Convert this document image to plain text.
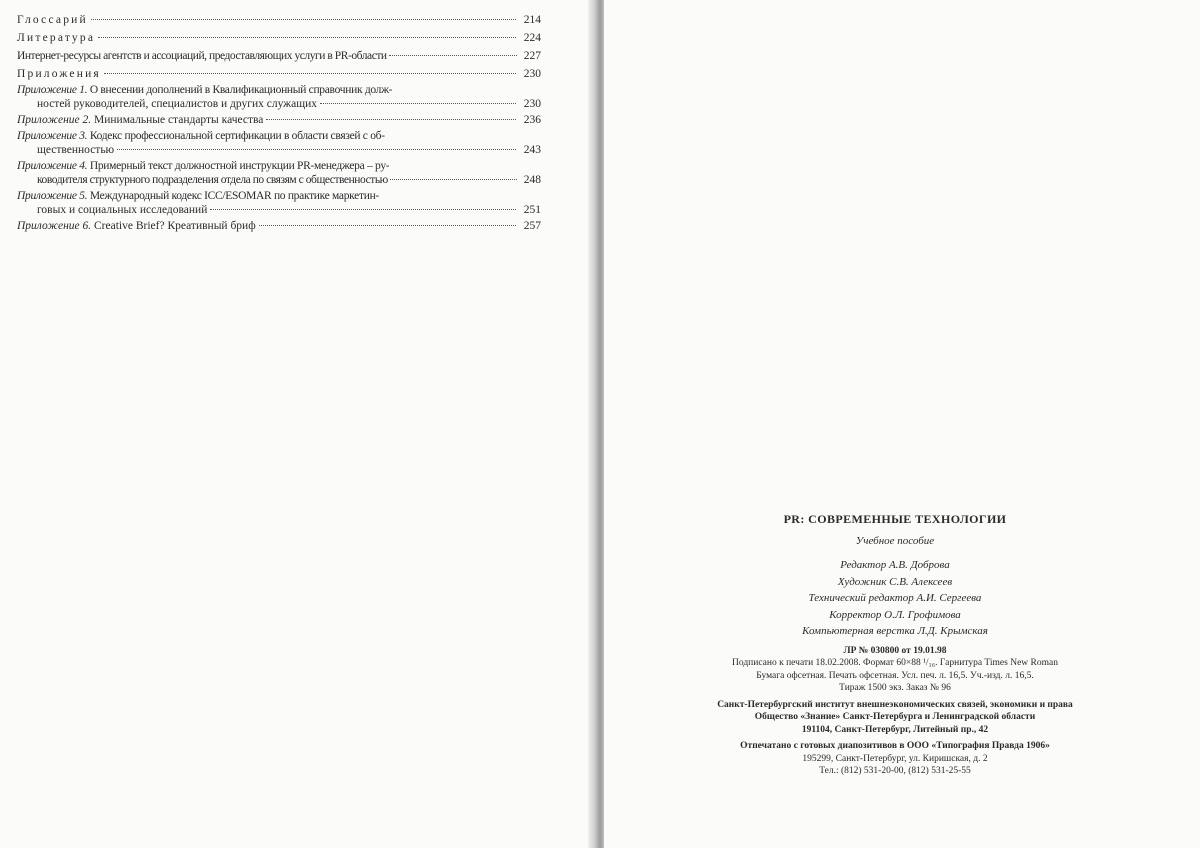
Глоссарий	214
Литература	224
Интернет-ресурсы агентств и ассоциаций, предоставляющих услуги в PR-области	227
Приложения	230
Приложение 1. О внесении дополнений в Квалификационный справочник долж-
ностей руководителей, специалистов и других служащих	230
Приложение 2. Минимальные стандарты качества	236
Приложение 3. Кодекс профессиональной сертификации в области связей с об-
щественностью	243
Приложение 4. Примерный текст должностной инструкции PR-менеджера – ру-
ководителя структурного подразделения отдела по связям с общественностью	248
Приложение 5. Международный кодекс ICC/ESOMAR по практике маркетин-
говых и социальных исследований	251
Приложение 6. Creative Brief? Креативный бриф	257
PR: СОВРЕМЕННЫЕ ТЕХНОЛОГИИ
Учебное пособие
Редактор А.В. Доброва
Художник С.В. Алексеев
Технический редактор А.И. Сергеева
Корректор О.Л. Грофимова
Компьютерная верстка Л.Д. Крымская
ЛР № 030800 от 19.01.98
Подписано к печати 18.02.2008. Формат 60×88 ¹/₁₆. Гарнитура Times New Roman
Бумага офсетная. Печать офсетная. Усл. печ. л. 16,5. Уч.-изд. л. 16,5.
Тираж 1500 экз. Заказ № 96
Санкт-Петербургский институт внешнеэкономических связей, экономики и права
Общество «Знание» Санкт-Петербурга и Ленинградской области
191104, Санкт-Петербург, Литейный пр., 42
Отпечатано с готовых диапозитивов в ООО «Типография Правда 1906»
195299, Санкт-Петербург, ул. Киришская, д. 2
Тел.: (812) 531-20-00, (812) 531-25-55
